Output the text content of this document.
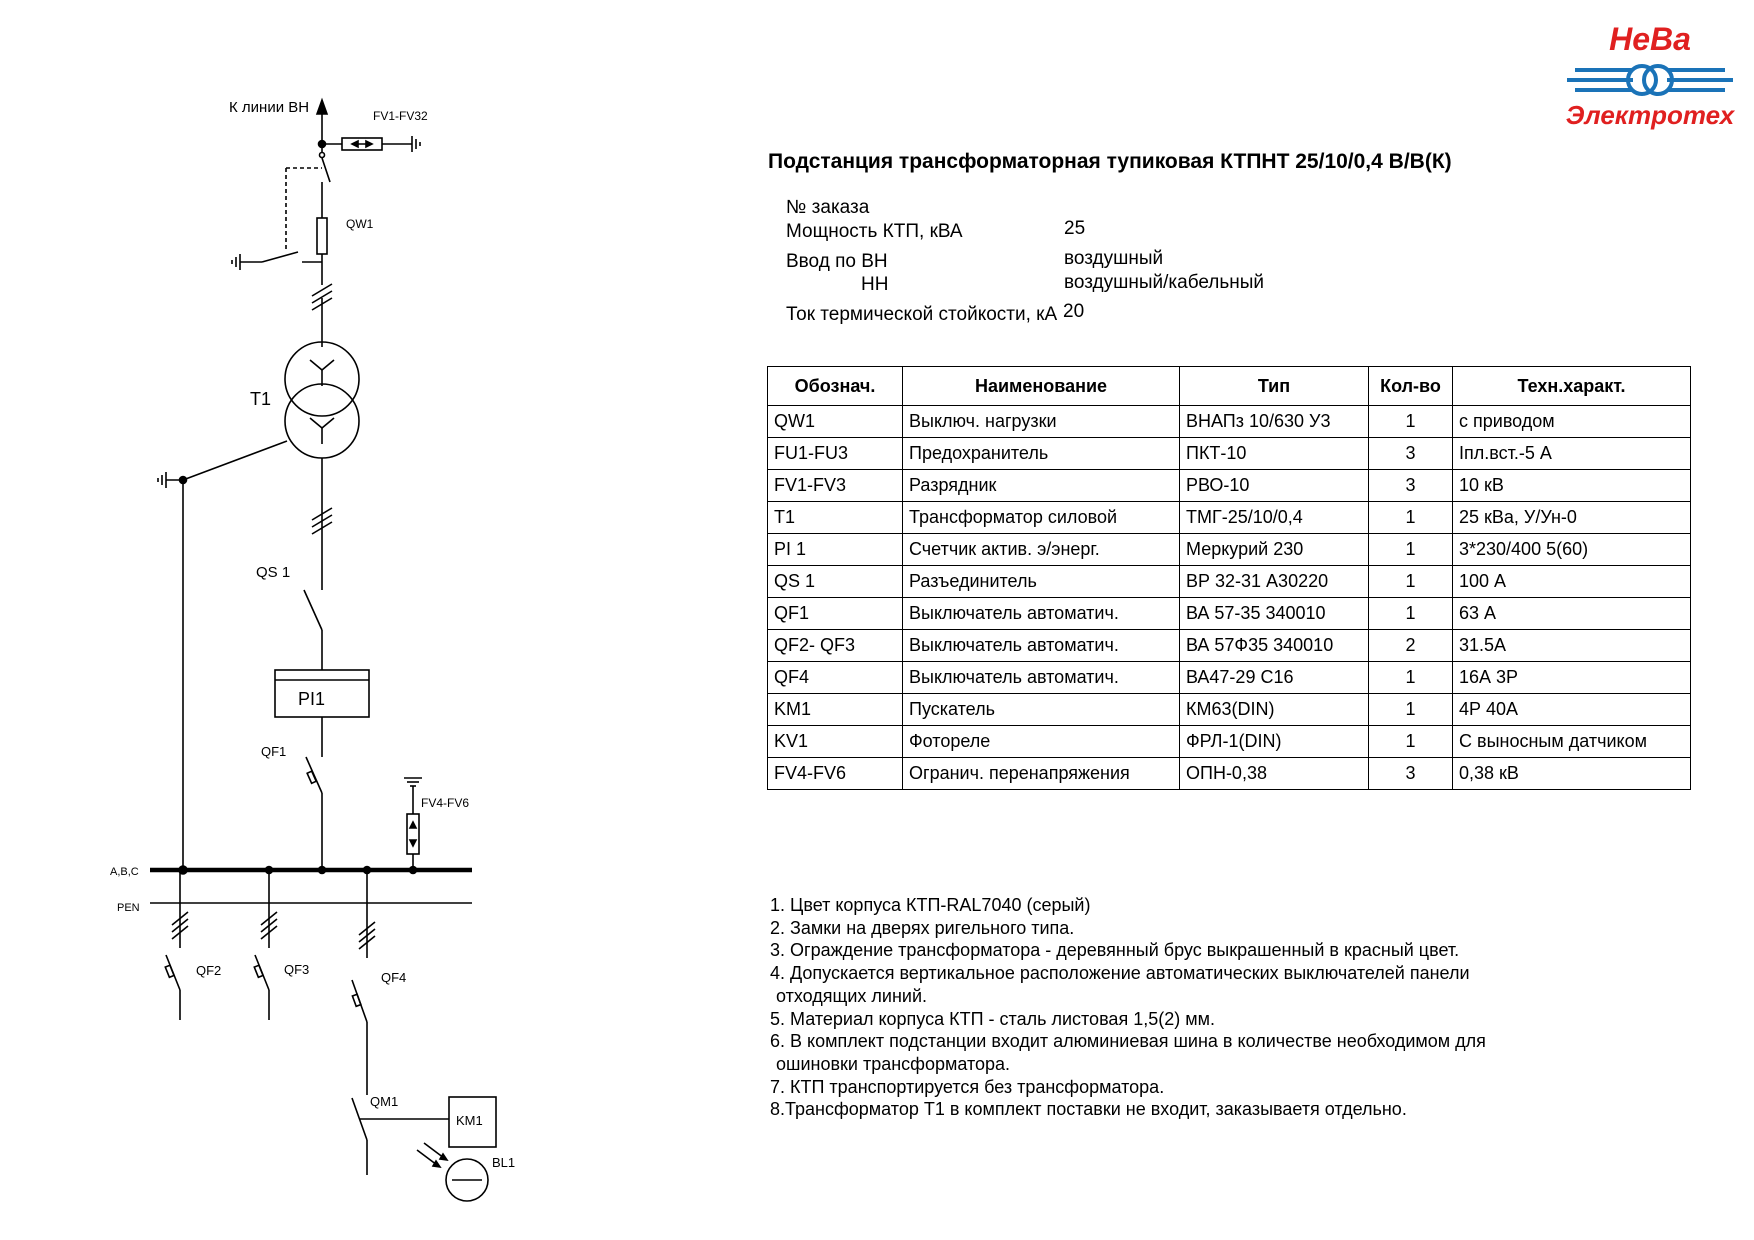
К линии ВН	FV1-FV32
QW1
T1
QS 1
PI1
QF1
FV4-FV6
A,B,C
PEN
QF2	QF3
QF4
QM1
KM1
BL1
НеВа
Электротех
Подстанция трансформаторная тупиковая КТПНТ 25/10/0,4 В/В(К)
№ заказа
Мощность КТП, кВА	25
Ввод по ВН	воздушный
НН	воздушный/кабельный
Ток термической стойкости, кА 20
Обознач.	Наименование	Тип	Кол-во	Техн.характ.
QW1	Выключ. нагрузки	ВНАПз 10/630 У3	1	с приводом
FU1-FU3	Предохранитель	ПКТ-10	3	Iпл.вст.-5 А
FV1-FV3	Разрядник	РВО-10	3	10 кВ
T1	Трансформатор силовой	ТМГ-25/10/0,4	1	25 кВа, У/Ун-0
PI 1	Счетчик актив. э/энерг.	Меркурий 230	1	3*230/400 5(60)
QS 1	Разъединитель	ВР 32-31 А30220	1	100 А
QF1	Выключатель автоматич.	ВА 57-35 340010	1	63 А
QF2- QF3	Выключатель автоматич.	ВА 57Ф35 340010	2	31.5А
QF4	Выключатель автоматич.	ВА47-29 С16	1	16А 3Р
KM1	Пускатель	КМ63(DIN)	1	4Р 40А
KV1	Фотореле	ФРЛ-1(DIN)	1	С выносным датчиком
FV4-FV6	Огранич. перенапряжения	ОПН-0,38	3	0,38 кВ
1. Цвет корпуса КТП-RAL7040 (серый)
2. Замки на дверях ригельного типа.
3. Ограждение трансформатора - деревянный брус выкрашенный в красный цвет.
4. Допускается вертикальное расположение автоматических выключателей панели
отходящих линий.
5. Материал корпуса КТП - сталь листовая 1,5(2) мм.
6. В комплект подстанции входит алюминиевая шина в количестве необходимом для
ошиновки трансформатора.
7. КТП транспортируется без трансформатора.
8.Трансформатор Т1 в комплект поставки не входит, заказываетя отдельно.
